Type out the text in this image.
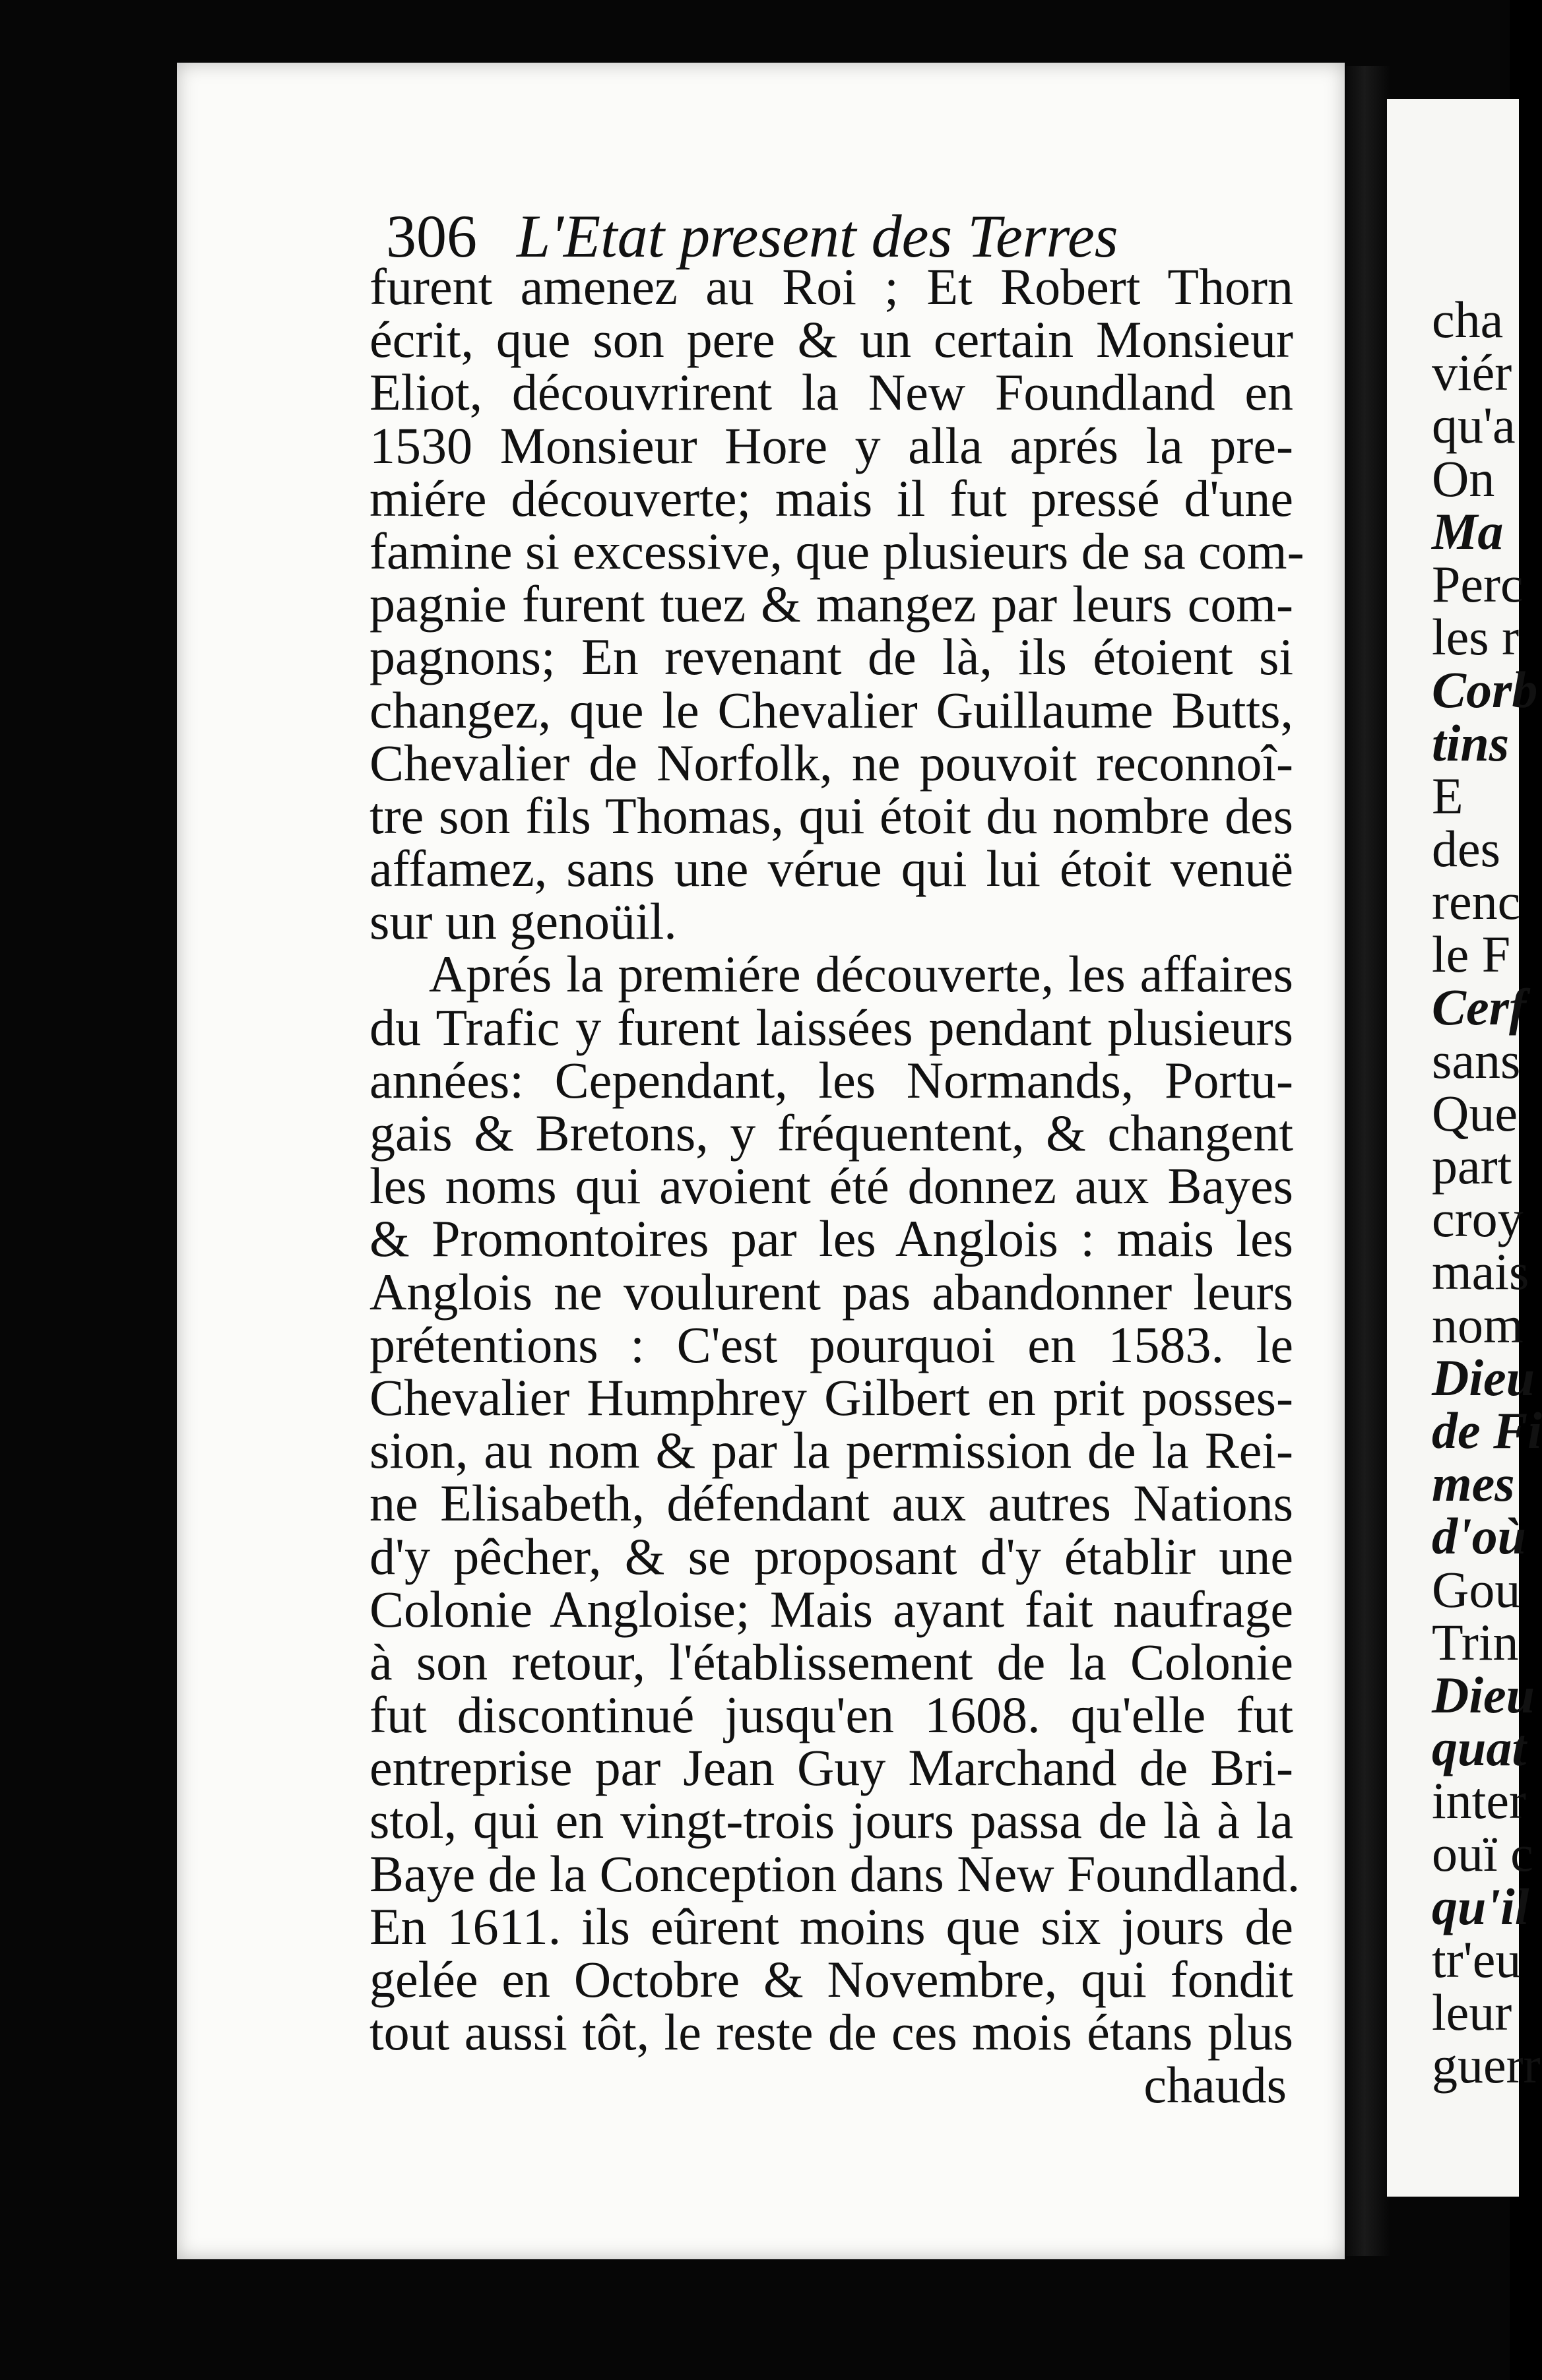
306 L'Etat present des Terres
furent amenez au Roi ; Et Robert Thorn
écrit, que son pere & un certain Monsieur
Eliot, découvrirent la New Foundland en
1530 Monsieur Hore y alla aprés la pre-
miére découverte; mais il fut pressé d'une
famine si excessive, que plusieurs de sa com-
pagnie furent tuez & mangez par leurs com-
pagnons; En revenant de là, ils étoient si
changez, que le Chevalier Guillaume Butts,
Chevalier de Norfolk, ne pouvoit reconnoî-
tre son fils Thomas, qui étoit du nombre des
affamez, sans une vérue qui lui étoit venuë
sur un genoüil.
Aprés la premiére découverte, les affaires
du Trafic y furent laissées pendant plusieurs
années: Cependant, les Normands, Portu-
gais & Bretons, y fréquentent, & changent
les noms qui avoient été donnez aux Bayes
& Promontoires par les Anglois : mais les
Anglois ne voulurent pas abandonner leurs
prétentions : C'est pourquoi en 1583. le
Chevalier Humphrey Gilbert en prit posses-
sion, au nom & par la permission de la Rei-
ne Elisabeth, défendant aux autres Nations
d'y pêcher, & se proposant d'y établir une
Colonie Angloise; Mais ayant fait naufrage
à son retour, l'établissement de la Colonie
fut discontinué jusqu'en 1608. qu'elle fut
entreprise par Jean Guy Marchand de Bri-
stol, qui en vingt-trois jours passa de là à la
Baye de la Conception dans New Foundland.
En 1611. ils eûrent moins que six jours de
gelée en Octobre & Novembre, qui fondit
tout aussi tôt, le reste de ces mois étans plus
chauds
cha
viér
qu'a
On
Ma
Perc
les r
Corb
tins
E
des
renc
le F
Cerf
sans
Que
part
croy
mais
nom
Dieu
de Fi
mes
d'où
Gou
Trin
Dieu
quat
inter
ouï c
qu'il
tr'eu
leur
guerr
